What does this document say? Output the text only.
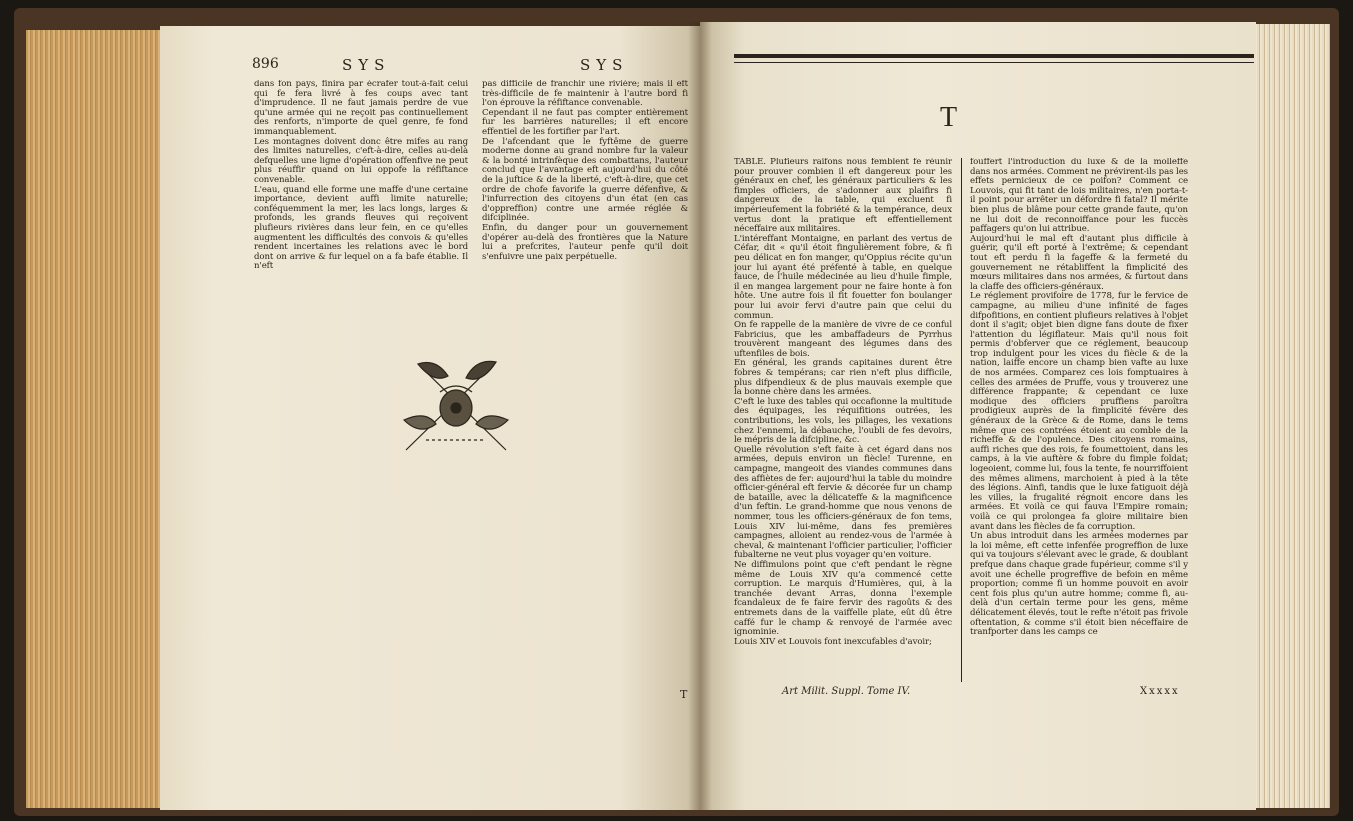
896	SYS	SYS
dans fon pays, finira par écrafer tout-à-fait celui qui fe fera livré à fes coups avec tant d'imprudence. Il ne faut jamais perdre de vue qu'une armée qui ne reçoit pas continuellement des renforts, n'importe de quel genre, fe fond immanquablement.
Les montagnes doivent donc être mifes au rang des limites naturelles, c'eft-à-dire, celles au-delà defquelles une ligne d'opération offenfive ne peut plus réuffir quand on lui oppofe la réfiftance convenable.
L'eau, quand elle forme une maffe d'une certaine importance, devient auffi limite naturelle; conféquemment la mer, les lacs longs, larges & profonds, les grands fleuves qui reçoivent plufieurs rivières dans leur fein, en ce qu'elles augmentent les difficultés des convois & qu'elles rendent incertaines les relations avec le bord dont on arrive & fur lequel on a fa bafe établie. Il n'eft
pas difficile de franchir une rivière; mais il eft très-difficile de fe maintenir à l'autre bord fi l'on éprouve la réfiftance convenable.
Cependant il ne faut pas compter entièrement fur les barrières naturelles; il eft encore effentiel de les fortifier par l'art.
De l'afcendant que le fyftême de guerre moderne donne au grand nombre fur la valeur & la bonté intrinfèque des combattans, l'auteur conclud que l'avantage eft aujourd'hui du côté de la juftice & de la liberté, c'eft-à-dire, que cet ordre de chofe favorife la guerre défenfive, & l'infurrection des citoyens d'un état (en cas d'oppreffion) contre une armée réglée & difciplinée.
Enfin, du danger pour un gouvernement d'opérer au-delà des frontières que la Nature lui a prefcrites, l'auteur penfe qu'il doit s'enfuivre une paix perpétuelle.
T
T
TABLE. Plufieurs raifons nous femblent fe réunir pour prouver combien il eft dangereux pour les généraux en chef, les généraux particuliers & les fimples officiers, de s'adonner aux plaifirs fi dangereux de la table, qui excluent fi impérieufement la fobriété & la tempérance, deux vertus dont la pratique eft effentiellement néceffaire aux militaires.
L'intéreffant Montaigne, en parlant des vertus de Céfar, dit « qu'il étoit fingulièrement fobre, & fi peu délicat en fon manger, qu'Oppius récite qu'un jour lui ayant été préfenté à table, en quelque fauce, de l'huile médecinée au lieu d'huile fimple, il en mangea largement pour ne faire honte à fon hôte. Une autre fois il fit fouetter fon boulanger pour lui avoir fervi d'autre pain que celui du commun.
On fe rappelle de la manière de vivre de ce conful Fabricius, que les ambaffadeurs de Pyrrhus trouvèrent mangeant des légumes dans des uftenfiles de bois.
En général, les grands capitaines durent être fobres & tempérans; car rien n'eft plus difficile, plus difpendieux & de plus mauvais exemple que la bonne chère dans les armées.
C'eft le luxe des tables qui occafionne la multitude des équipages, les réquifitions outrées, les contributions, les vols, les pillages, les vexations chez l'ennemi, la débauche, l'oubli de fes devoirs, le mépris de la difcipline, &c.
Quelle révolution s'eft faite à cet égard dans nos armées, depuis environ un fiècle! Turenne, en campagne, mangeoit des viandes communes dans des affiètes de fer: aujourd'hui la table du moindre officier-général eft fervie & décorée fur un champ de bataille, avec la délicateffe & la magnificence d'un feftin. Le grand-homme que nous venons de nommer, tous les officiers-généraux de fon tems, Louis XIV lui-même, dans fes premières campagnes, alloient au rendez-vous de l'armée à cheval, & maintenant l'officier particulier, l'officier fubalterne ne veut plus voyager qu'en voiture.
Ne diffimulons point que c'eft pendant le règne même de Louis XIV qu'a commencé cette corruption. Le marquis d'Humières, qui, à la tranchée devant Arras, donna l'exemple fcandaleux de fe faire fervir des ragoûts & des entremets dans de la vaiffelle plate, eût dû être caffé fur le champ & renvoyé de l'armée avec ignominie.
Louis XIV et Louvois font inexcufables d'avoir;
fouffert l'introduction du luxe & de la molleffe dans nos armées. Comment ne prévirent-ils pas les effets pernicieux de ce poifon? Comment ce Louvois, qui fit tant de lois militaires, n'en porta-t-il point pour arrêter un défordre fi fatal? Il mérite bien plus de blâme pour cette grande faute, qu'on ne lui doit de reconnoiffance pour les fuccès paffagers qu'on lui attribue.
Aujourd'hui le mal eft d'autant plus difficile à guérir, qu'il eft porté à l'extrême; & cependant tout eft perdu fi la fageffe & la fermeté du gouvernement ne rétabliffent la fimplicité des mœurs militaires dans nos armées, & furtout dans la claffe des officiers-généraux.
Le réglement provifoire de 1778, fur le fervice de campagne, au milieu d'une infinité de fages difpofitions, en contient plufieurs relatives à l'objet dont il s'agit; objet bien digne fans doute de fixer l'attention du légiflateur. Mais qu'il nous foit permis d'obferver que ce réglement, beaucoup trop indulgent pour les vices du fiècle & de la nation, laiffe encore un champ bien vafte au luxe de nos armées. Comparez ces lois fomptuaires à celles des armées de Pruffe, vous y trouverez une différence frappante; & cependant ce luxe modique des officiers pruffiens paroîtra prodigieux auprès de la fimplicité févère des généraux de la Grèce & de Rome, dans le tems même que ces contrées étoient au comble de la richeffe & de l'opulence. Des citoyens romains, auffi riches que des rois, fe foumettoient, dans les camps, à la vie auftère & fobre du fimple foldat; logeoient, comme lui, fous la tente, fe nourriffoient des mêmes alimens, marchoient à pied à la tête des légions. Ainfi, tandis que le luxe fatiguoit déjà les villes, la frugalité régnoit encore dans les armées. Et voilà ce qui fauva l'Empire romain; voilà ce qui prolongea fa gloire militaire bien avant dans les fiècles de fa corruption.
Un abus introduit dans les armées modernes par la loi même, eft cette infenfée progreffion de luxe qui va toujours s'élevant avec le grade, & doublant prefque dans chaque grade fupérieur, comme s'il y avoit une échelle progreffive de befoin en même proportion; comme fi un homme pouvoit en avoir cent fois plus qu'un autre homme; comme fi, au-delà d'un certain terme pour les gens, même délicatement élevés, tout le refte n'étoit pas frivole oftentation, & comme s'il étoit bien néceffaire de tranfporter dans les camps ce
Art Milit. Suppl. Tome IV.	Xxxxx
